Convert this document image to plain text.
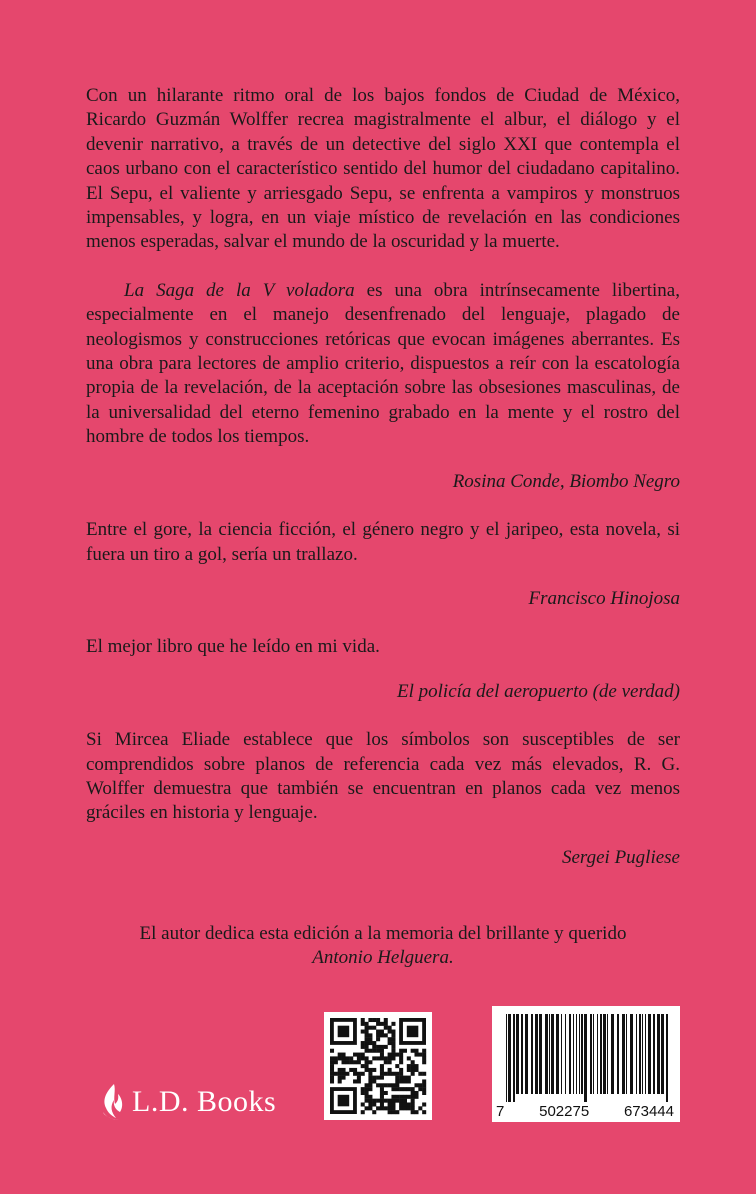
Con un hilarante ritmo oral de los bajos fondos de Ciudad de México, Ricardo Guzmán Wolffer recrea magistralmente el albur, el diálogo y el devenir narrativo, a través de un detective del siglo XXI que contempla el caos urbano con el característico sentido del humor del ciudadano capitalino. El Sepu, el valiente y arriesgado Sepu, se enfrenta a vampiros y monstruos impensables, y logra, en un viaje místico de revelación en las condiciones menos esperadas, salvar el mundo de la oscuridad y la muerte.

La Saga de la V voladora es una obra intrínsecamente libertina, especialmente en el manejo desenfrenado del lenguaje, plagado de neologismos y construcciones retóricas que evocan imágenes aberrantes. Es una obra para lectores de amplio criterio, dispuestos a reír con la escatología propia de la revelación, de la aceptación sobre las obsesiones masculinas, de la universalidad del eterno femenino grabado en la mente y el rostro del hombre de todos los tiempos.

Rosina Conde, Biombo Negro

Entre el gore, la ciencia ficción, el género negro y el jaripeo, esta novela, si fuera un tiro a gol, sería un trallazo.

Francisco Hinojosa

El mejor libro que he leído en mi vida.

El policía del aeropuerto (de verdad)

Si Mircea Eliade establece que los símbolos son susceptibles de ser comprendidos sobre planos de referencia cada vez más elevados, R. G. Wolffer demuestra que también se encuentran en planos cada vez menos gráciles en historia y lenguaje.

Sergei Pugliese

El autor dedica esta edición a la memoria del brillante y querido
Antonio Helguera.
L.D. Books	7 502275 673444
